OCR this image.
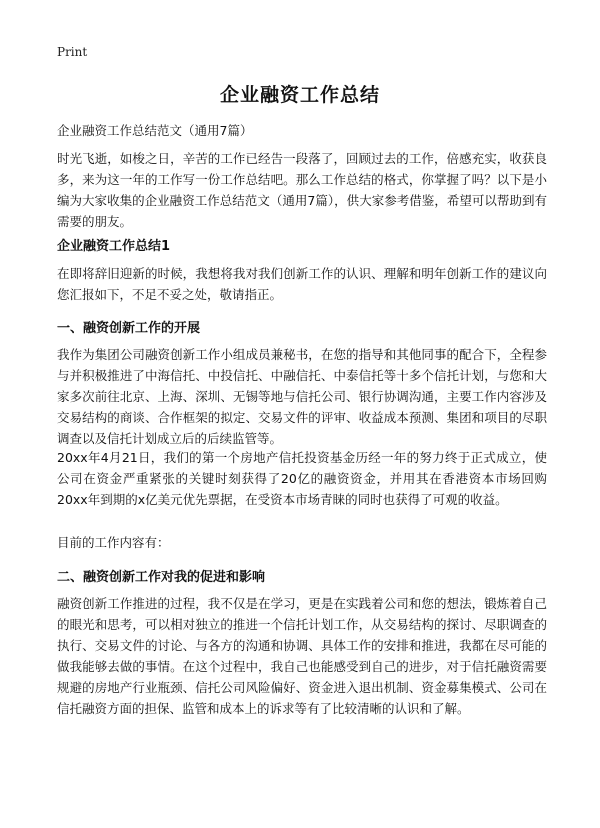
Print
企业融资工作总结
企业融资工作总结范文（通用7篇）

时光飞逝，如梭之日，辛苦的工作已经告一段落了，回顾过去的工作，倍感充实，收获良多，来为这一年的工作写一份工作总结吧。那么工作总结的格式，你掌握了吗？以下是小编为大家收集的企业融资工作总结范文（通用7篇），供大家参考借鉴，希望可以帮助到有需要的朋友。

企业融资工作总结1

在即将辞旧迎新的时候，我想将我对我们创新工作的认识、理解和明年创新工作的建议向您汇报如下，不足不妥之处，敬请指正。

一、融资创新工作的开展

我作为集团公司融资创新工作小组成员兼秘书，在您的指导和其他同事的配合下，全程参与并积极推进了中海信托、中投信托、中融信托、中泰信托等十多个信托计划，与您和大家多次前往北京、上海、深圳、无锡等地与信托公司、银行协调沟通，主要工作内容涉及交易结构的商谈、合作框架的拟定、交易文件的评审、收益成本预测、集团和项目的尽职调查以及信托计划成立后的后续监管等。

20xx年4月21日，我们的第一个房地产信托投资基金历经一年的努力终于正式成立，使公司在资金严重紧张的关键时刻获得了20亿的融资资金，并用其在香港资本市场回购20xx年到期的x亿美元优先票据，在受资本市场青睐的同时也获得了可观的收益。

目前的工作内容有：

二、融资创新工作对我的促进和影响

融资创新工作推进的过程，我不仅是在学习，更是在实践着公司和您的想法，锻炼着自己的眼光和思考，可以相对独立的推进一个信托计划工作，从交易结构的探讨、尽职调查的执行、交易文件的讨论、与各方的沟通和协调、具体工作的安排和推进，我都在尽可能的做我能够去做的事情。在这个过程中，我自己也能感受到自己的进步，对于信托融资需要规避的房地产行业瓶颈、信托公司风险偏好、资金进入退出机制、资金募集模式、公司在信托融资方面的担保、监管和成本上的诉求等有了比较清晰的认识和了解。
